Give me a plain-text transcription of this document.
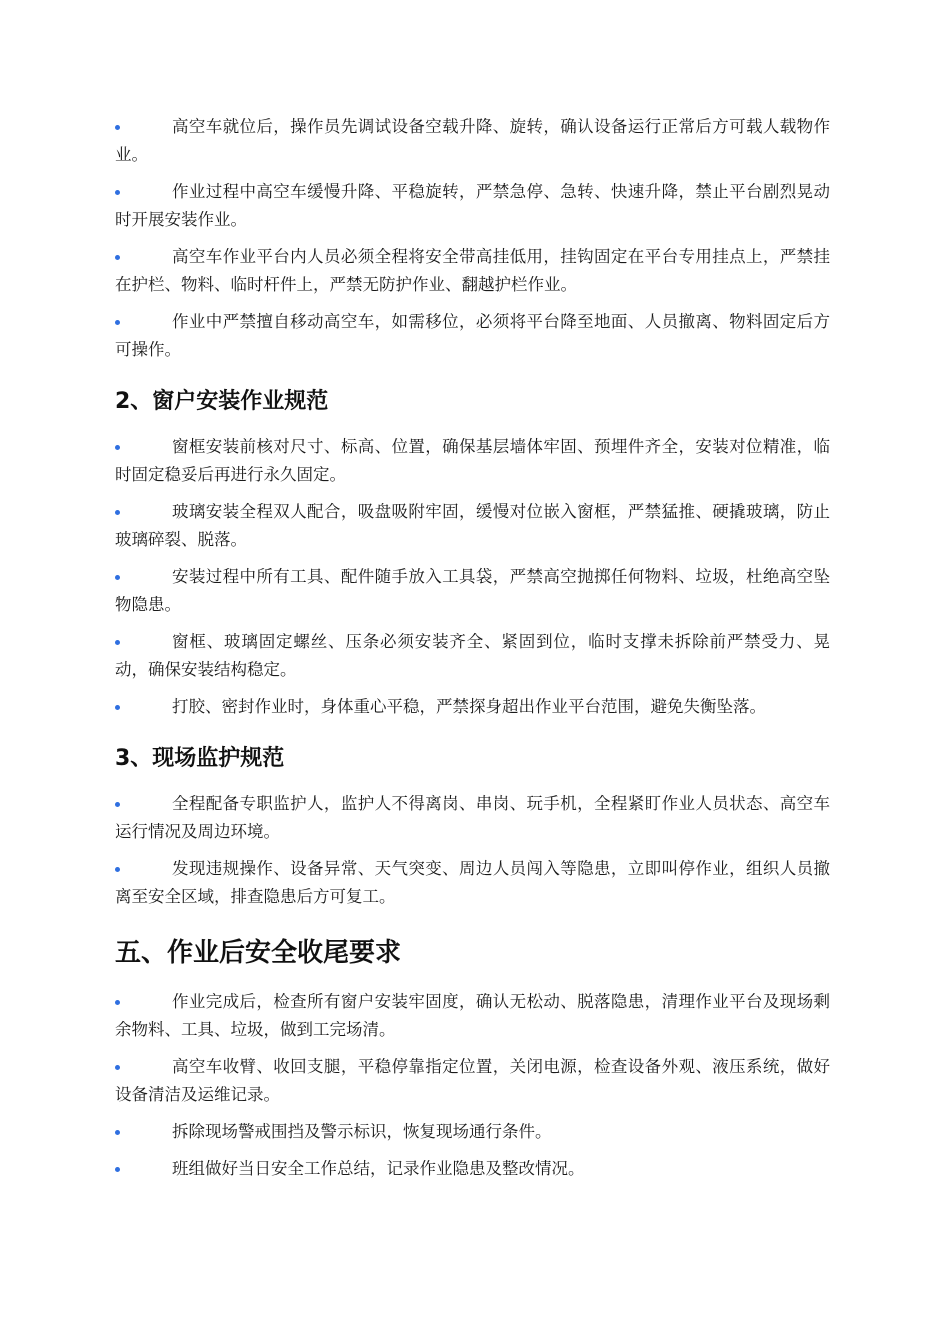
高空车就位后，操作员先调试设备空载升降、旋转，确认设备运行正常后方可载人载物作业。
作业过程中高空车缓慢升降、平稳旋转，严禁急停、急转、快速升降，禁止平台剧烈晃动时开展安装作业。
高空车作业平台内人员必须全程将安全带高挂低用，挂钩固定在平台专用挂点上，严禁挂在护栏、物料、临时杆件上，严禁无防护作业、翻越护栏作业。
作业中严禁擅自移动高空车，如需移位，必须将平台降至地面、人员撤离、物料固定后方可操作。
2、窗户安装作业规范
窗框安装前核对尺寸、标高、位置，确保基层墙体牢固、预埋件齐全，安装对位精准，临时固定稳妥后再进行永久固定。
玻璃安装全程双人配合，吸盘吸附牢固，缓慢对位嵌入窗框，严禁猛推、硬撬玻璃，防止玻璃碎裂、脱落。
安装过程中所有工具、配件随手放入工具袋，严禁高空抛掷任何物料、垃圾，杜绝高空坠物隐患。
窗框、玻璃固定螺丝、压条必须安装齐全、紧固到位，临时支撑未拆除前严禁受力、晃动，确保安装结构稳定。
打胶、密封作业时，身体重心平稳，严禁探身超出作业平台范围，避免失衡坠落。
3、现场监护规范
全程配备专职监护人，监护人不得离岗、串岗、玩手机，全程紧盯作业人员状态、高空车运行情况及周边环境。
发现违规操作、设备异常、天气突变、周边人员闯入等隐患，立即叫停作业，组织人员撤离至安全区域，排查隐患后方可复工。
五、作业后安全收尾要求
作业完成后，检查所有窗户安装牢固度，确认无松动、脱落隐患，清理作业平台及现场剩余物料、工具、垃圾，做到工完场清。
高空车收臂、收回支腿，平稳停靠指定位置，关闭电源，检查设备外观、液压系统，做好设备清洁及运维记录。
拆除现场警戒围挡及警示标识，恢复现场通行条件。
班组做好当日安全工作总结，记录作业隐患及整改情况。
